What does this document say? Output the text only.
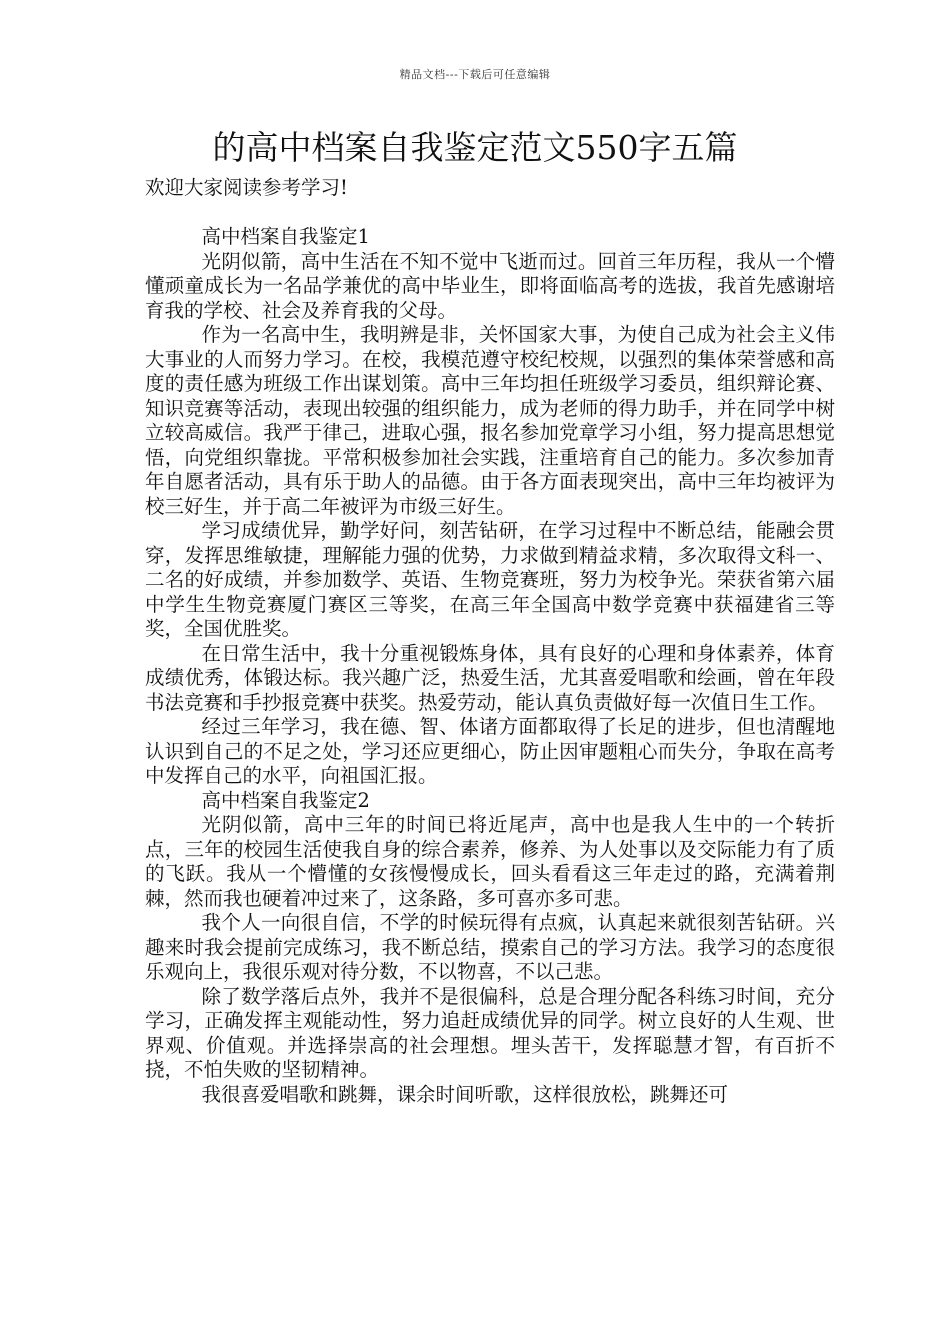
精品文档---下载后可任意编辑
的高中档案自我鉴定范文550字五篇

欢迎大家阅读参考学习!

高中档案自我鉴定1

光阴似箭，高中生活在不知不觉中飞逝而过。回首三年历程，我从一个懵懂顽童成长为一名品学兼优的高中毕业生，即将面临高考的选拔，我首先感谢培育我的学校、社会及养育我的父母。

作为一名高中生，我明辨是非，关怀国家大事，为使自己成为社会主义伟大事业的人而努力学习。在校，我模范遵守校纪校规，以强烈的集体荣誉感和高度的责任感为班级工作出谋划策。高中三年均担任班级学习委员，组织辩论赛、知识竞赛等活动，表现出较强的组织能力，成为老师的得力助手，并在同学中树立较高威信。我严于律己，进取心强，报名参加党章学习小组，努力提高思想觉悟，向党组织靠拢。平常积极参加社会实践，注重培育自己的能力。多次参加青年自愿者活动，具有乐于助人的品德。由于各方面表现突出，高中三年均被评为校三好生，并于高二年被评为市级三好生。

学习成绩优异，勤学好问，刻苦钻研，在学习过程中不断总结，能融会贯穿，发挥思维敏捷，理解能力强的优势，力求做到精益求精，多次取得文科一、二名的好成绩，并参加数学、英语、生物竞赛班，努力为校争光。荣获省第六届中学生生物竞赛厦门赛区三等奖，在高三年全国高中数学竞赛中获福建省三等奖，全国优胜奖。

在日常生活中，我十分重视锻炼身体，具有良好的心理和身体素养，体育成绩优秀，体锻达标。我兴趣广泛，热爱生活，尤其喜爱唱歌和绘画，曾在年段书法竞赛和手抄报竞赛中获奖。热爱劳动，能认真负责做好每一次值日生工作。

经过三年学习，我在德、智、体诸方面都取得了长足的进步，但也清醒地认识到自己的不足之处，学习还应更细心，防止因审题粗心而失分，争取在高考中发挥自己的水平，向祖国汇报。

高中档案自我鉴定2

光阴似箭，高中三年的时间已将近尾声，高中也是我人生中的一个转折点，三年的校园生活使我自身的综合素养，修养、为人处事以及交际能力有了质的飞跃。我从一个懵懂的女孩慢慢成长，回头看看这三年走过的路，充满着荆棘，然而我也硬着冲过来了，这条路，多可喜亦多可悲。

我个人一向很自信，不学的时候玩得有点疯，认真起来就很刻苦钻研。兴趣来时我会提前完成练习，我不断总结，摸索自己的学习方法。我学习的态度很乐观向上，我很乐观对待分数，不以物喜，不以己悲。

除了数学落后点外，我并不是很偏科，总是合理分配各科练习时间，充分学习，正确发挥主观能动性，努力追赶成绩优异的同学。树立良好的人生观、世界观、价值观。并选择崇高的社会理想。埋头苦干，发挥聪慧才智，有百折不挠，不怕失败的坚韧精神。

我很喜爱唱歌和跳舞，课余时间听歌，这样很放松，跳舞还可
